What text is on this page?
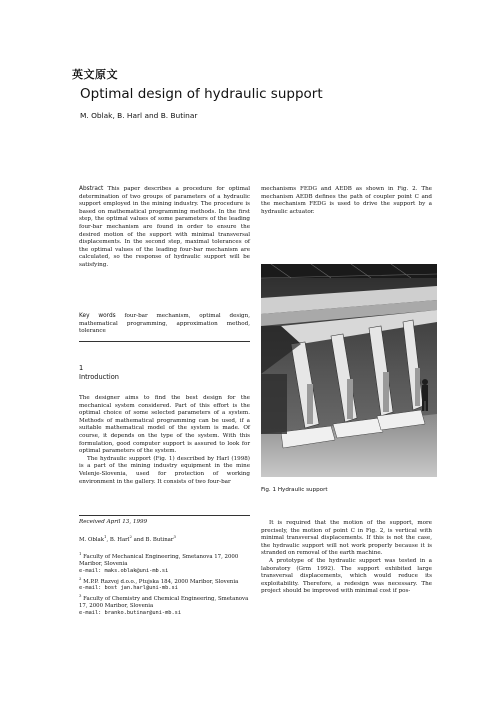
英文原文
Optimal design of hydraulic support
M. Oblak, B. Harl and B. Butinar

Abstract This paper describes a procedure for optimal determination of two groups of parameters of a hydraulic support employed in the mining industry. The procedure is based on mathematical programming methods. In the first step, the optimal values of some parameters of the leading four-bar mechanism are found in order to ensure the desired motion of the support with minimal transversal displacements. In the second step, maximal tolerances of the optimal values of the leading four-bar mechanism are calculated, so the response of hydraulic support will be satisfying.

Key words four-bar mechanism, optimal design, mathematical programming, approximation method, tolerance

1
Introduction

The designer aims to find the best design for the mechanical system considered. Part of this effort is the optimal choice of some selected parameters of a system. Methods of mathematical programming can be used, if a suitable mathematical model of the system is made. Of course, it depends on the type of the system. With this formulation, good computer support is assured to look for optimal parameters of the system.

The hydraulic support (Fig. 1) described by Harl (1998) is a part of the mining industry equipment in the mine Velenje-Slovenia, used for protection of working environment in the gallery. It consists of two four-bar

Received April 13, 1999

M. Oblak$^1$, B. Harl$^2$ and B. Butinar$^3$

$^1$ Faculty of Mechanical Engineering, Smetanova 17, 2000 Maribor, Slovenia

e-mail: maks.oblak@uni-mb.si

$^2$ M.P.P. Razvoj d.o.o., Ptujska 184, 2000 Maribor, Slovenia

e-mail: bost jan.harl@uni-mb.si

$^3$ Faculty of Chemistry and Chemical Engineering, Smetanova 17, 2000 Maribor, Slovenia

e-mail: branko.butinar@uni-mb.si

mechanisms FEDG and AEDB as shown in Fig. 2. The mechanism AEDB defines the path of coupler point C and the mechanism FEDG is used to drive the support by a hydraulic actuator.

Fig. 1 Hydraulic support

It is required that the motion of the support, more precisely, the motion of point C in Fig. 2, is vertical with minimal transversal displacements. If this is not the case, the hydraulic support will not work properly because it is stranded on removal of the earth machine.

A prototype of the hydraulic support was tested in a laboratory (Grm 1992). The support exhibited large transversal displacements, which would reduce its exploitability. Therefore, a redesign was necessary. The project should be improved with minimal cost if pos-
